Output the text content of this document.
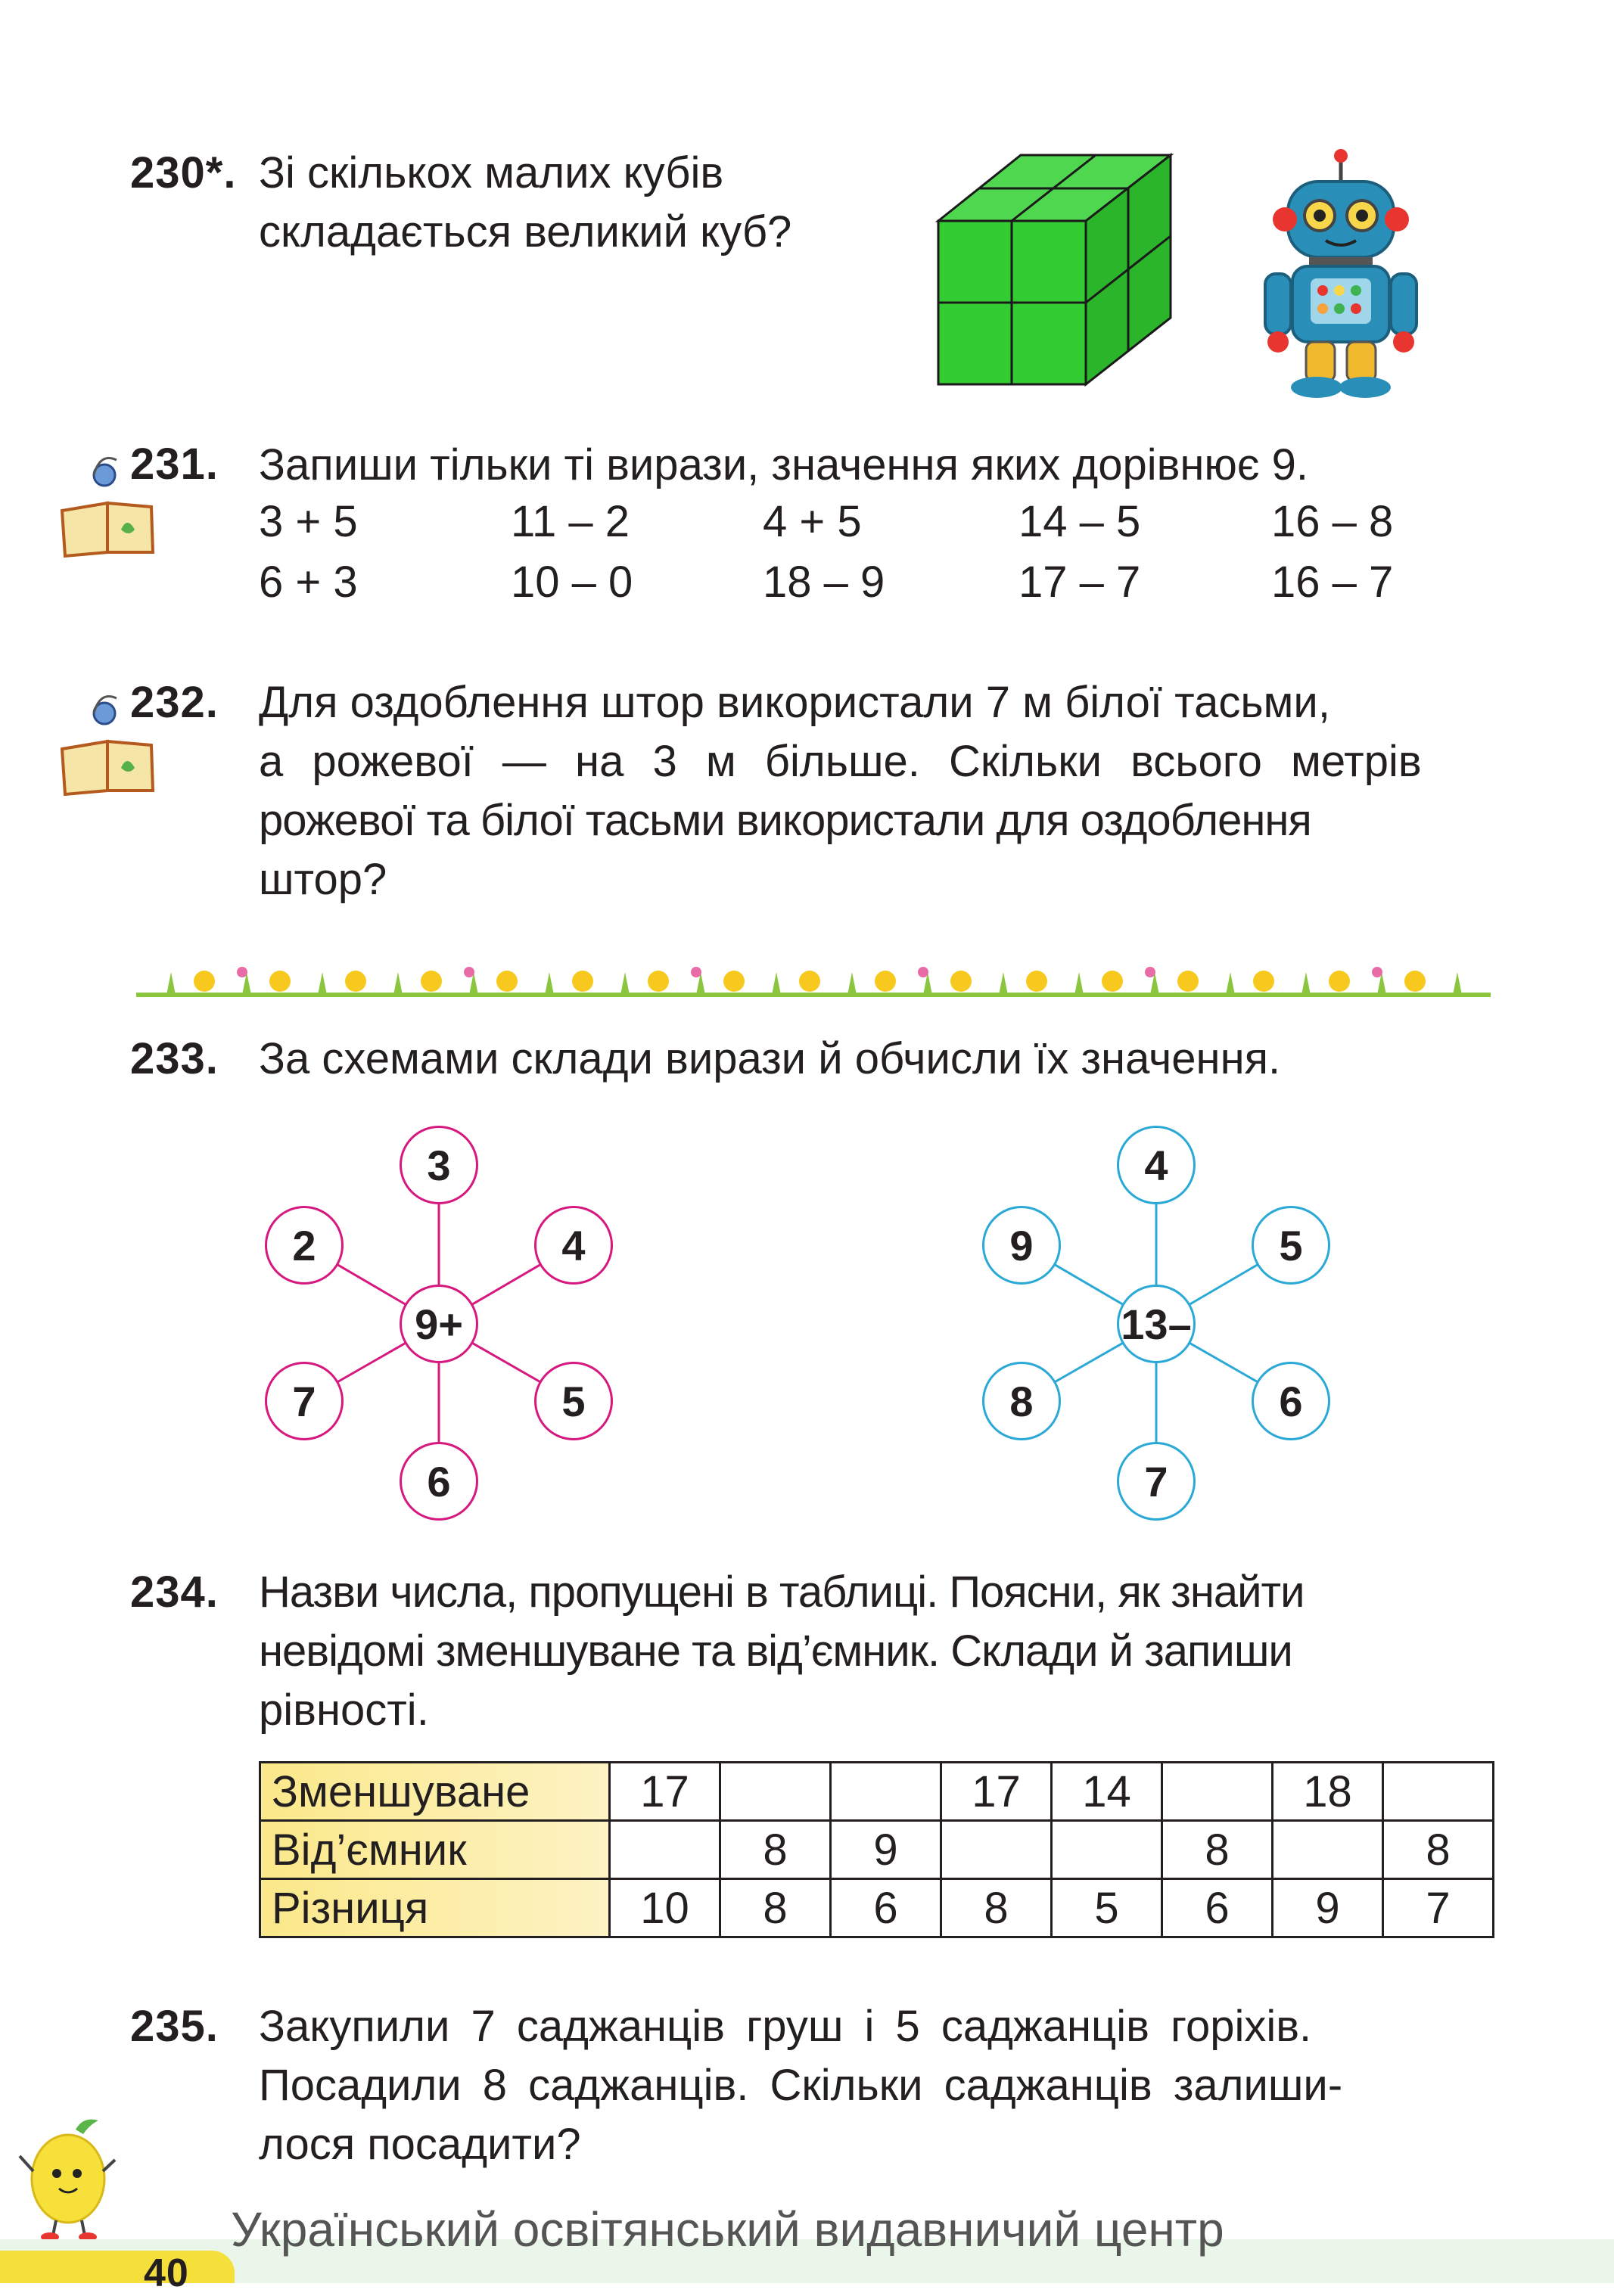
230*. Зі скількох малих кубів
складається великий куб?
231. Запиши тільки ті вирази, значення яких дорівнює 9.
3 + 5	11 – 2	4 + 5	14 – 5	16 – 8
6 + 3	10 – 0	18 – 9	17 – 7	16 – 7
232. Для оздоблення штор використали 7 м білої тасьми,
а рожевої — на 3 м більше. Скільки всього метрів
рожевої та білої тасьми використали для оздоблення
штор?
233. За схемами склади вирази й обчисли їх значення.
9+
3
4
5
6
7
2
13–
4
5
6
7
8
9
234. Назви числа, пропущені в таблиці. Поясни, як знайти
невідомі зменшуване та від’ємник. Склади й запиши
рівності.
Зменшуване	17			17	14		18	
Від’ємник		8	9			8		8
Різниця	10	8	6	8	5	6	9	7
235. Закупили 7 саджанців груш і 5 саджанців горіхів.
Посадили 8 саджанців. Скільки саджанців залиши-
лося посадити?
Український освітянський видавничий центр
40
